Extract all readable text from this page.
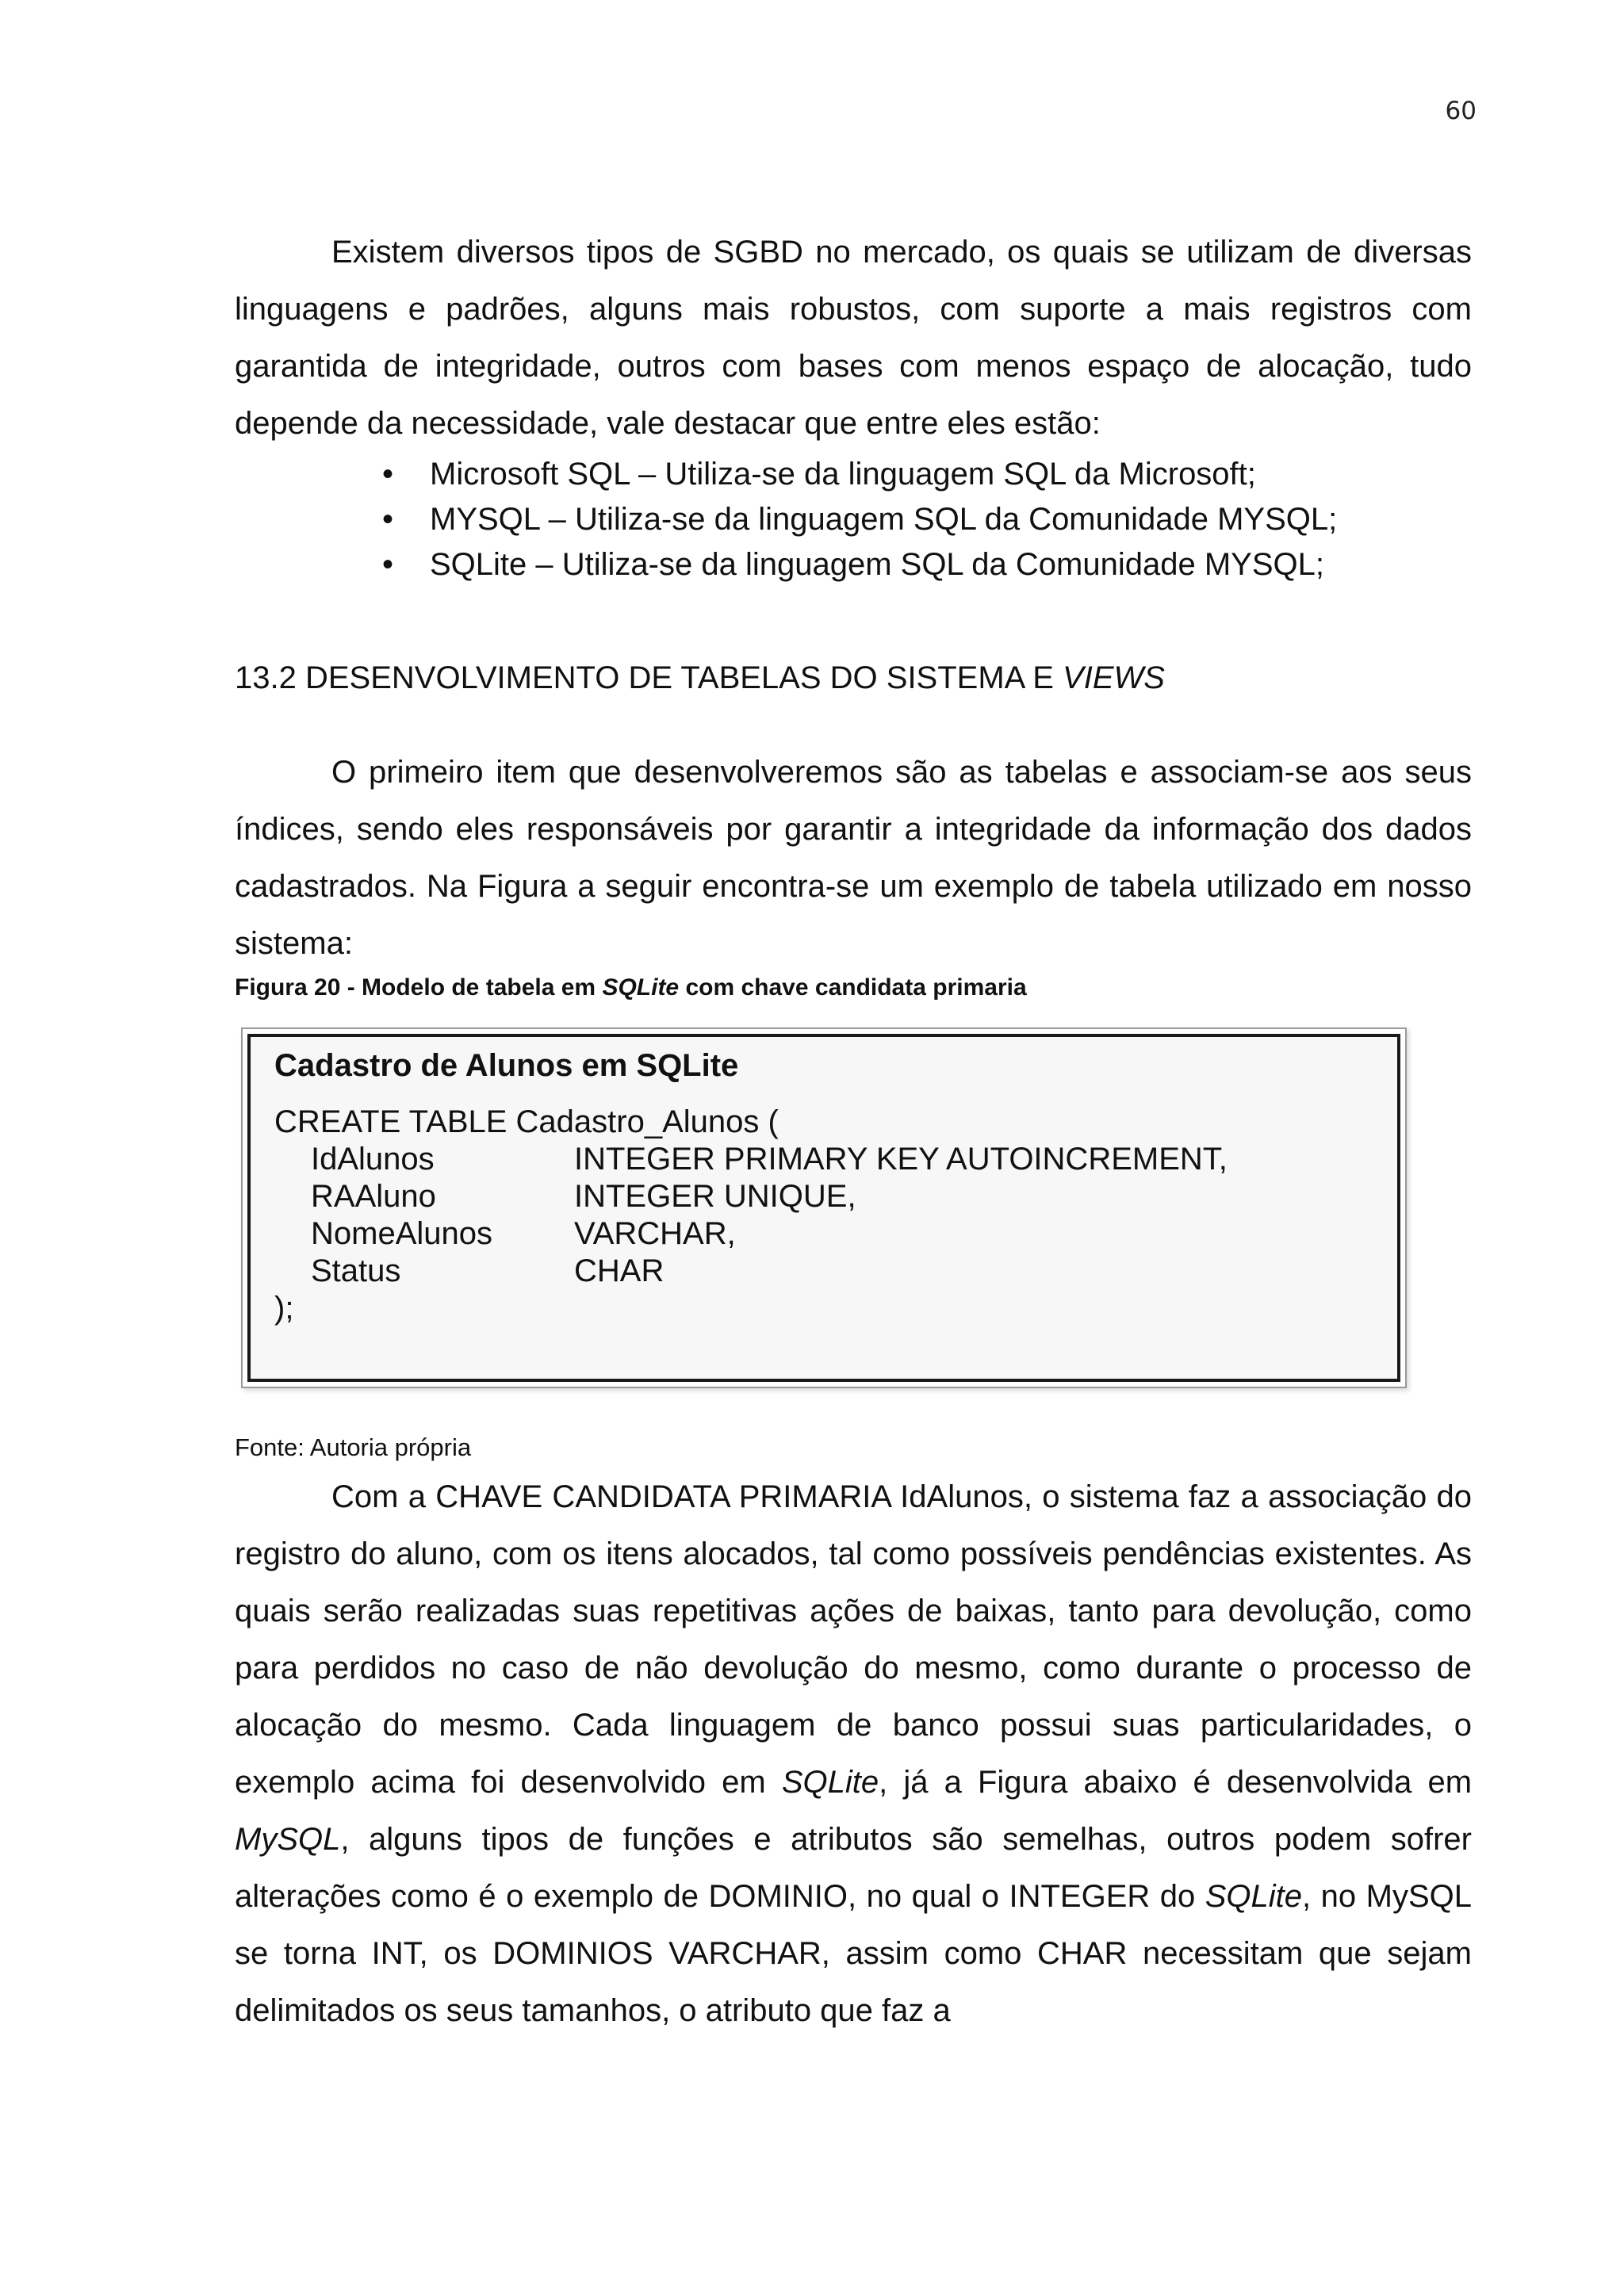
60

Existem diversos tipos de SGBD no mercado, os quais se utilizam de diversas linguagens e padrões, alguns mais robustos, com suporte a mais registros com garantida de integridade, outros com bases com menos espaço de alocação, tudo depende da necessidade, vale destacar que entre eles estão:

• Microsoft SQL – Utiliza-se da linguagem SQL da Microsoft;
• MYSQL – Utiliza-se da linguagem SQL da Comunidade MYSQL;
• SQLite – Utiliza-se da linguagem SQL da Comunidade MYSQL;
13.2 DESENVOLVIMENTO DE TABELAS DO SISTEMA E VIEWS

O primeiro item que desenvolveremos são as tabelas e associam-se aos seus índices, sendo eles responsáveis por garantir a integridade da informação dos dados cadastrados. Na Figura a seguir encontra-se um exemplo de tabela utilizado em nosso sistema:

Figura 20 - Modelo de tabela em SQLite com chave candidata primaria
Cadastro de Alunos em SQLite
CREATE TABLE Cadastro_Alunos (
IdAlunos	INTEGER PRIMARY KEY AUTOINCREMENT,
RAAluno	INTEGER UNIQUE,
NomeAlunos	VARCHAR,
Status	CHAR
);
Fonte: Autoria própria

Com a CHAVE CANDIDATA PRIMARIA IdAlunos, o sistema faz a associação do registro do aluno, com os itens alocados, tal como possíveis pendências existentes. As quais serão realizadas suas repetitivas ações de baixas, tanto para devolução, como para perdidos no caso de não devolução do mesmo, como durante o processo de alocação do mesmo. Cada linguagem de banco possui suas particularidades, o exemplo acima foi desenvolvido em SQLite, já a Figura abaixo é desenvolvida em MySQL, alguns tipos de funções e atributos são semelhas, outros podem sofrer alterações como é o exemplo de DOMINIO, no qual o INTEGER do SQLite, no MySQL se torna INT, os DOMINIOS VARCHAR, assim como CHAR necessitam que sejam delimitados os seus tamanhos, o atributo que faz a
